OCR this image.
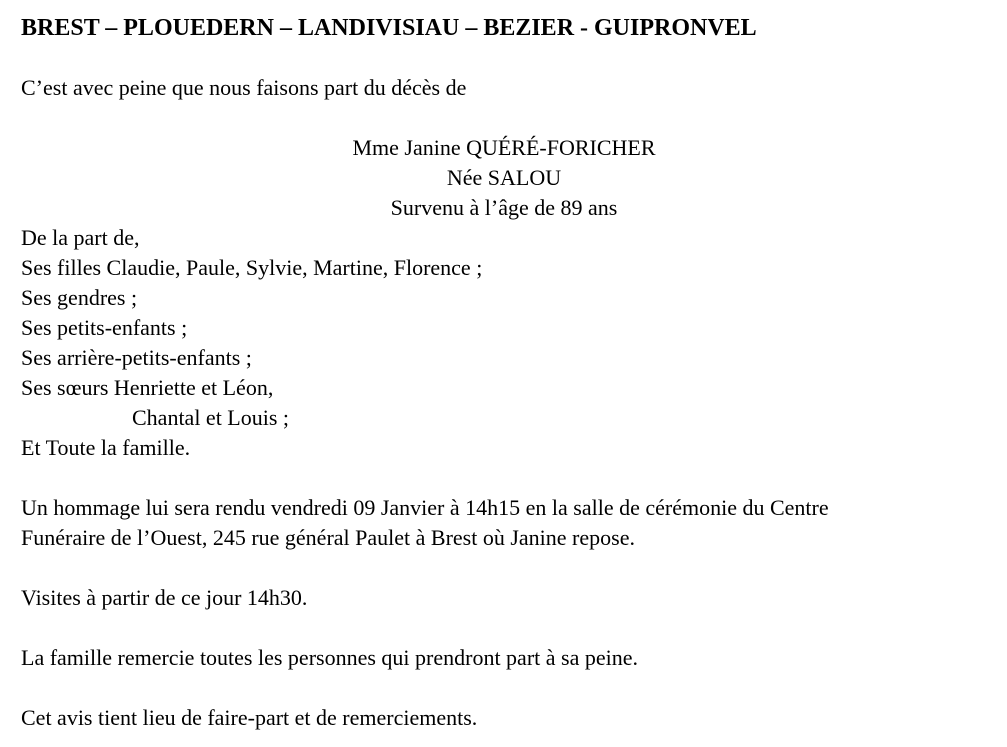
BREST – PLOUEDERN – LANDIVISIAU – BEZIER - GUIPRONVEL
C’est avec peine que nous faisons part du décès de
Mme Janine QUÉRÉ-FORICHER
Née SALOU
Survenu à l’âge de 89 ans
De la part de,
Ses filles Claudie, Paule, Sylvie, Martine, Florence ;
Ses gendres ;
Ses petits-enfants ;
Ses arrière-petits-enfants ;
Ses sœurs Henriette et Léon,
Chantal et Louis ;
Et Toute la famille.
Un hommage lui sera rendu vendredi 09 Janvier à 14h15 en la salle de cérémonie du Centre
Funéraire de l’Ouest, 245 rue général Paulet à Brest où Janine repose.
Visites à partir de ce jour 14h30.
La famille remercie toutes les personnes qui prendront part à sa peine.
Cet avis tient lieu de faire-part et de remerciements.
